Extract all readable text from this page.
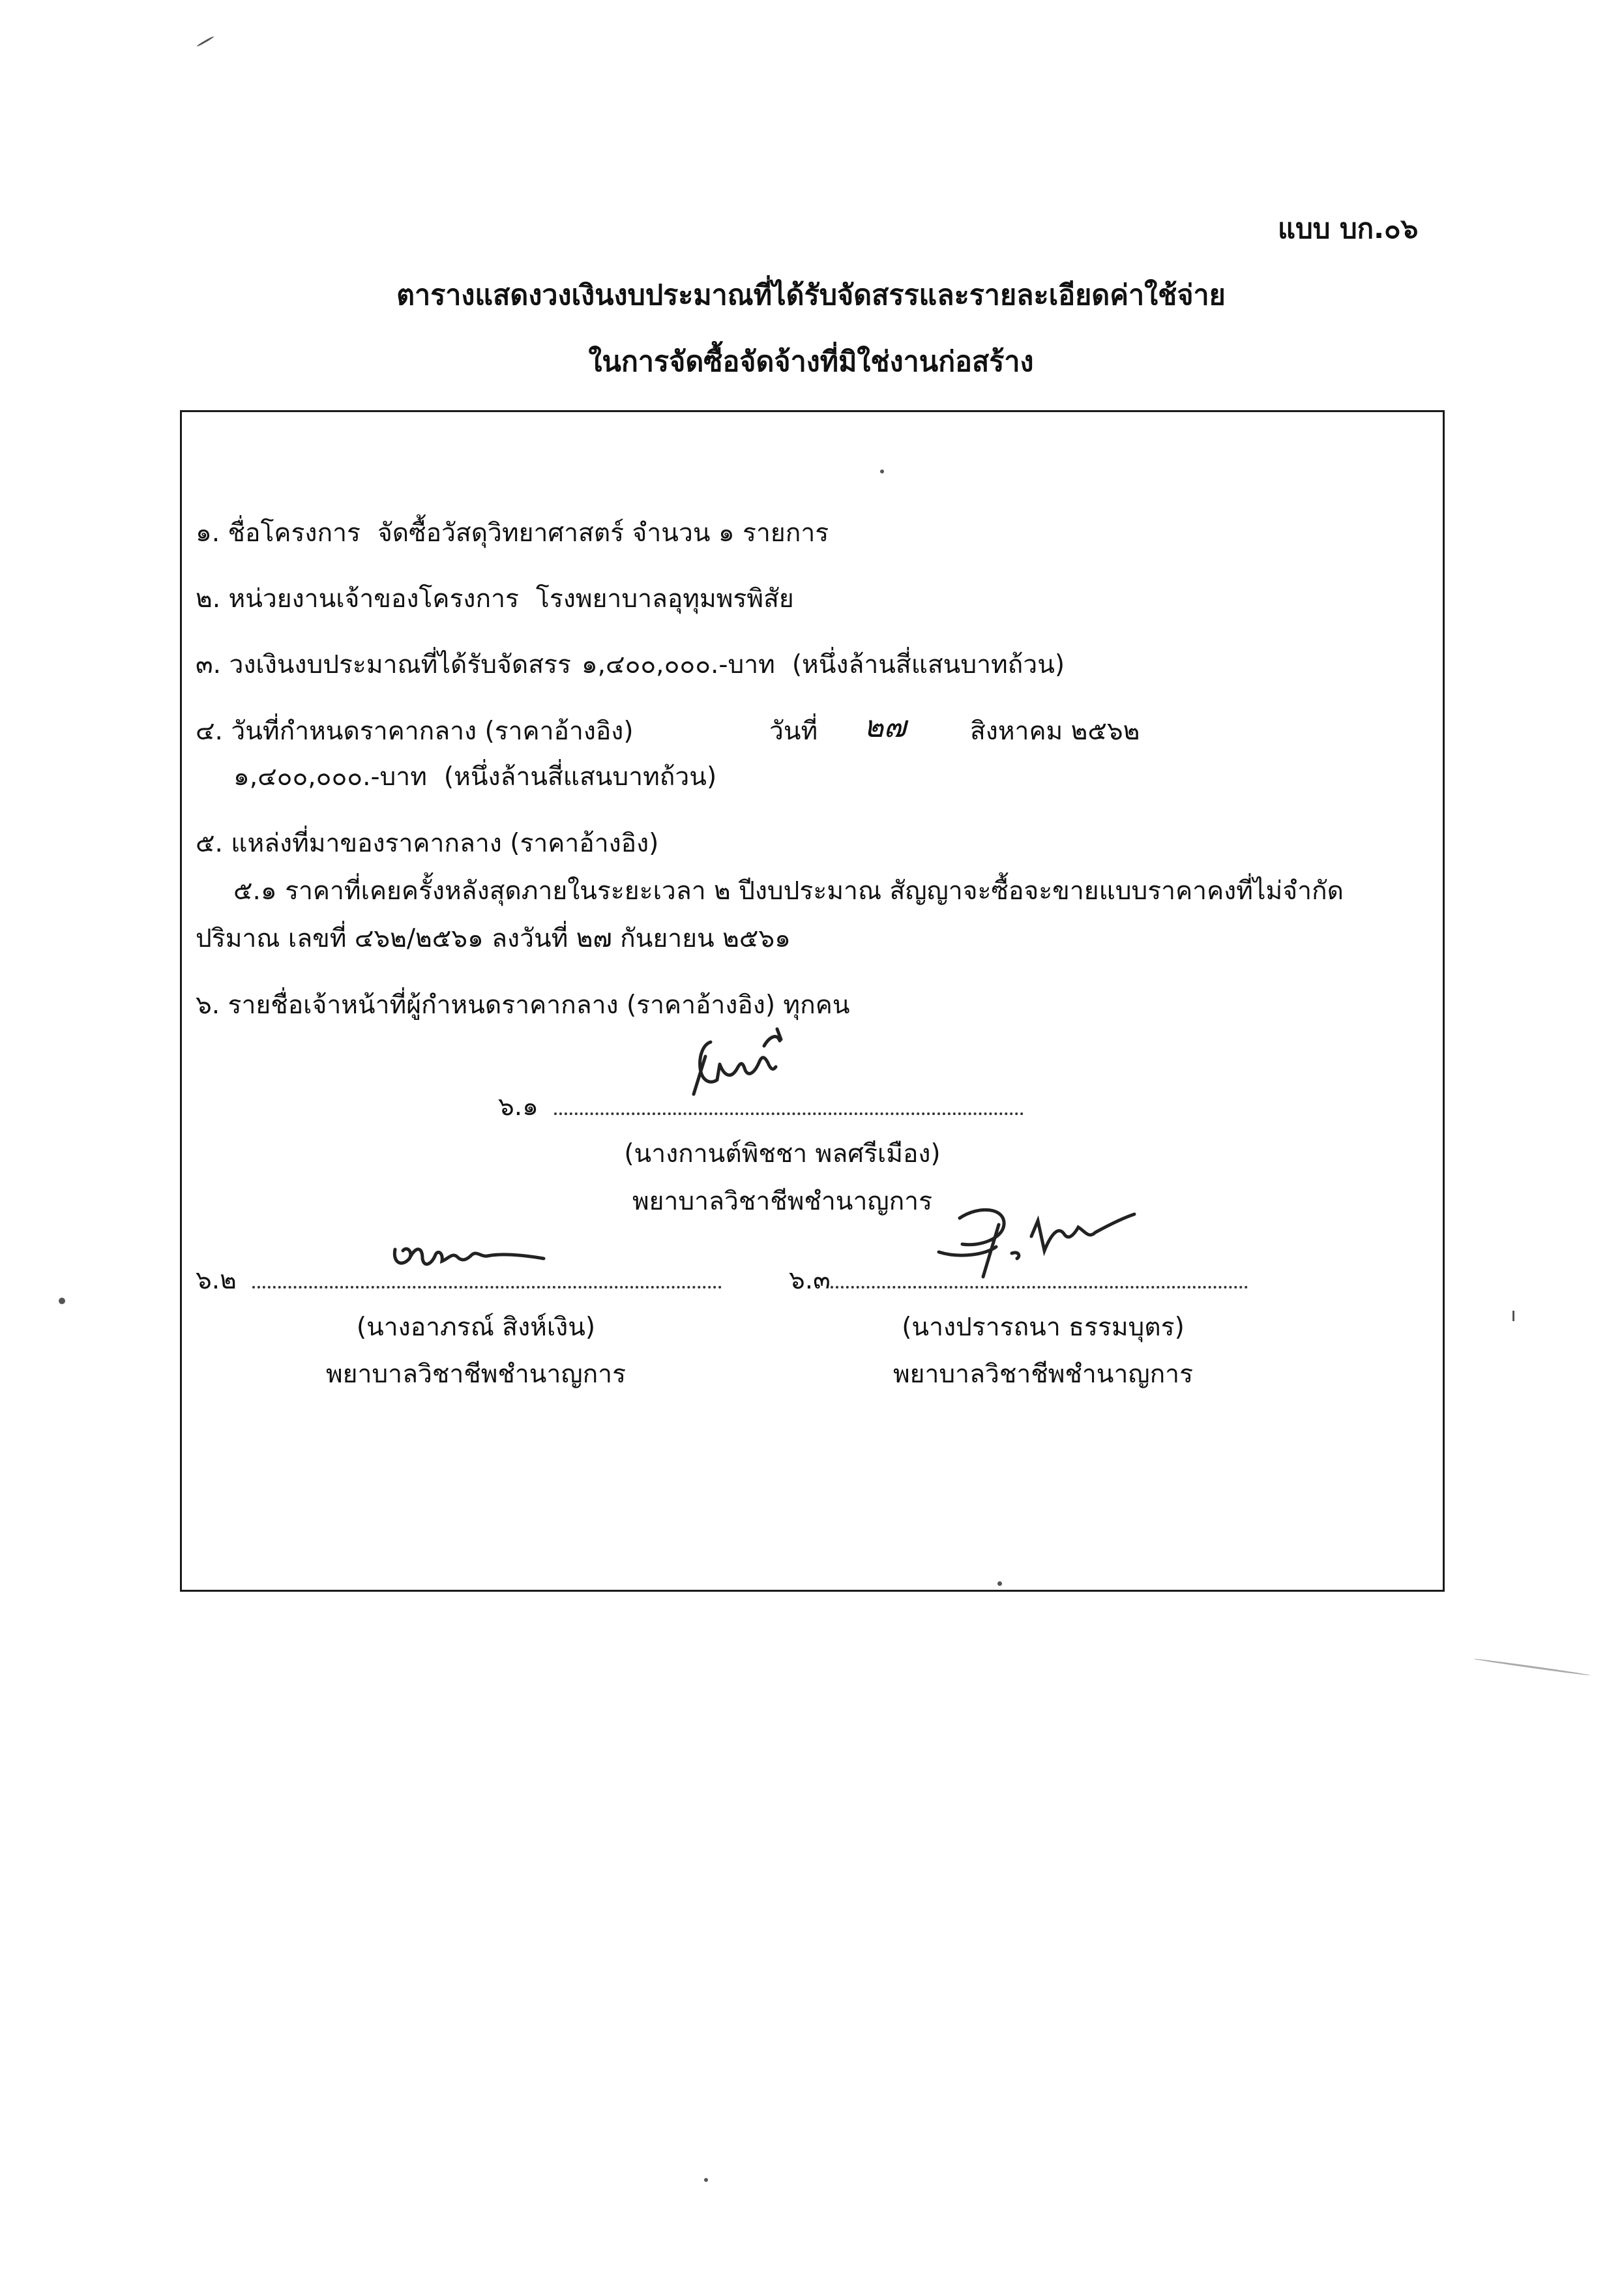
แบบ บก.๐๖
ตารางแสดงวงเงินงบประมาณที่ได้รับจัดสรรและรายละเอียดค่าใช้จ่าย
ในการจัดซื้อจัดจ้างที่มิใช่งานก่อสร้าง
๑. ชื่อโครงการ จัดซื้อวัสดุวิทยาศาสตร์ จำนวน ๑ รายการ
๒. หน่วยงานเจ้าของโครงการ โรงพยาบาลอุทุมพรพิสัย
๓. วงเงินงบประมาณที่ได้รับจัดสรร ๑,๔๐๐,๐๐๐.-บาท (หนึ่งล้านสี่แสนบาทถ้วน)
๔. วันที่กำหนดราคากลาง (ราคาอ้างอิง)	วันที่ ๒๗	สิงหาคม ๒๕๖๒
๑,๔๐๐,๐๐๐.-บาท (หนึ่งล้านสี่แสนบาทถ้วน)
๕. แหล่งที่มาของราคากลาง (ราคาอ้างอิง)
๕.๑ ราคาที่เคยครั้งหลังสุดภายในระยะเวลา ๒ ปีงบประมาณ สัญญาจะซื้อจะขายแบบราคาคงที่ไม่จำกัด
ปริมาณ เลขที่ ๔๖๒/๒๕๖๑ ลงวันที่ ๒๗ กันยายน ๒๕๖๑
๖. รายชื่อเจ้าหน้าที่ผู้กำหนดราคากลาง (ราคาอ้างอิง) ทุกคน
๖.๑
(นางกานต์พิชชา พลศรีเมือง)
พยาบาลวิชาชีพชำนาญการ
๖.๒
(นางอาภรณ์ สิงห์เงิน)
พยาบาลวิชาชีพชำนาญการ
๖.๓
(นางปรารถนา ธรรมบุตร)
พยาบาลวิชาชีพชำนาญการ
